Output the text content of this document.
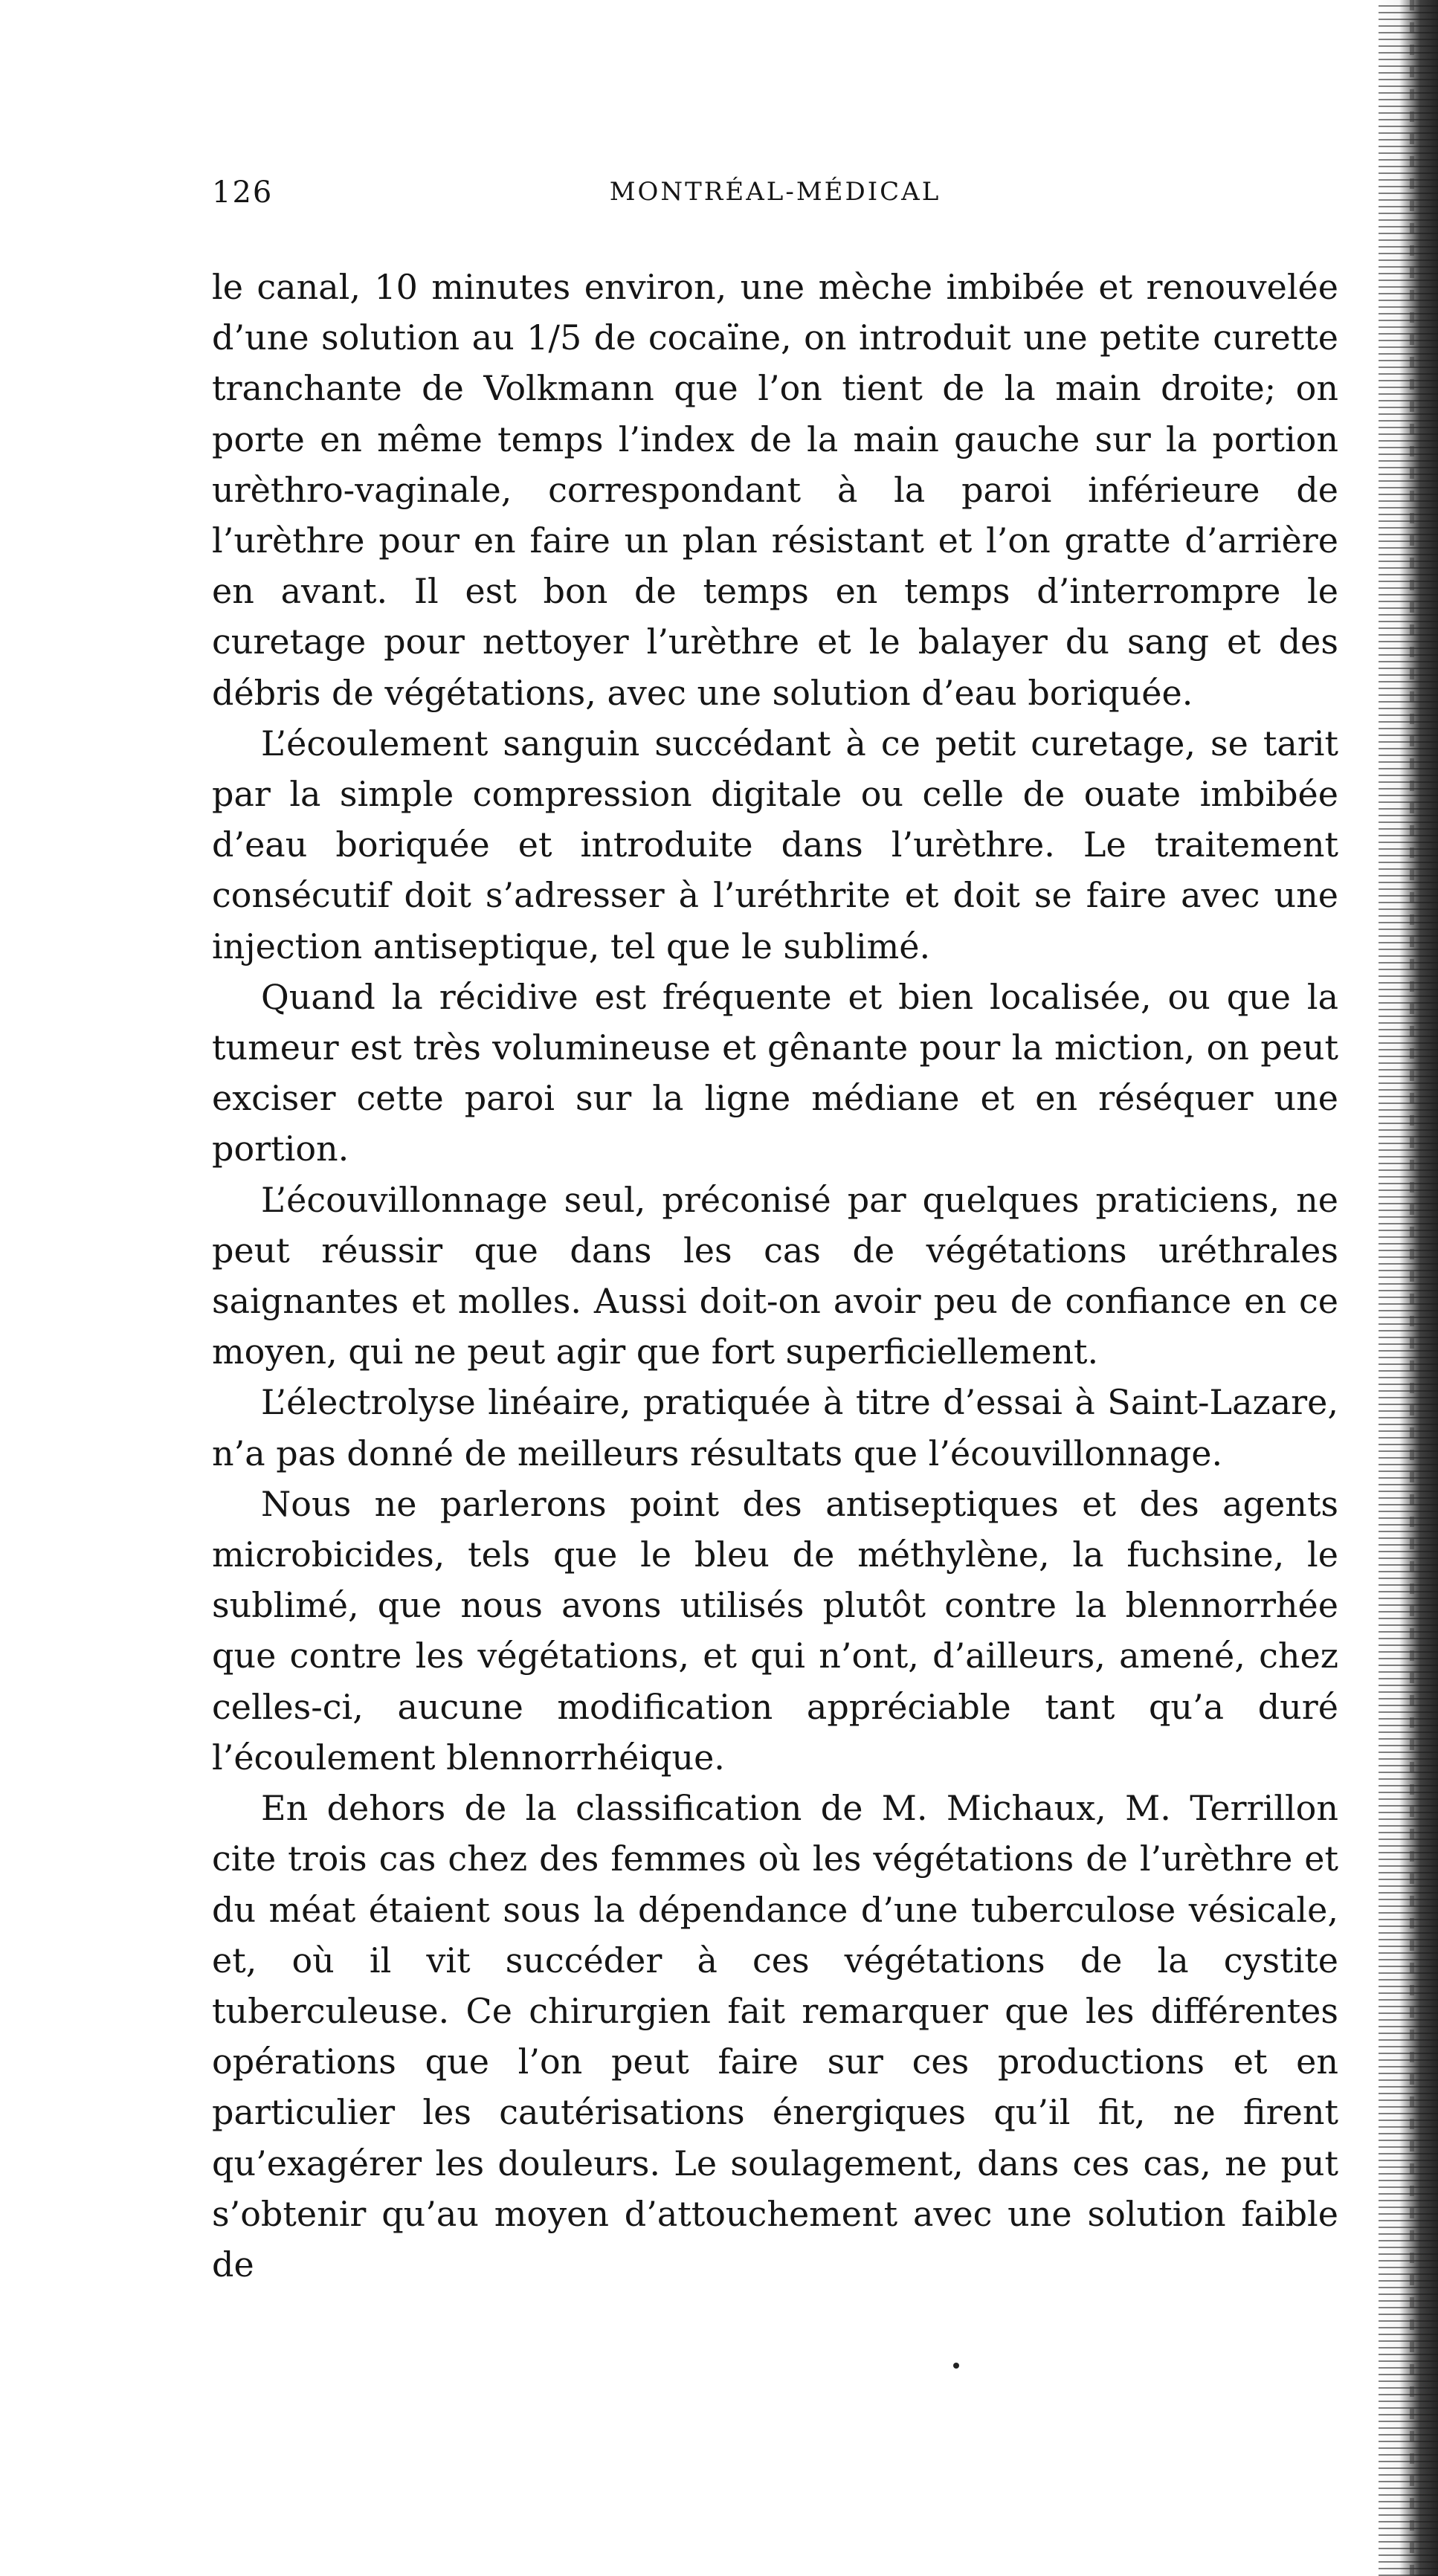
126	MONTRÉAL-MÉDICAL

le canal, 10 minutes environ, une mèche imbibée et renouvelée d’une solution au 1/5 de cocaïne, on introduit une petite curette tranchante de Volkmann que l’on tient de la main droite; on porte en même temps l’index de la main gauche sur la portion urèthro-vaginale, correspondant à la paroi inférieure de l’urèthre pour en faire un plan résistant et l’on gratte d’arrière en avant. Il est bon de temps en temps d’interrompre le curetage pour nettoyer l’urèthre et le balayer du sang et des débris de végétations, avec une solution d’eau boriquée.

L’écoulement sanguin succédant à ce petit curetage, se tarit par la simple compression digitale ou celle de ouate imbibée d’eau boriquée et introduite dans l’urèthre. Le traitement consécutif doit s’adresser à l’uréthrite et doit se faire avec une injection antiseptique, tel que le sublimé.

Quand la récidive est fréquente et bien localisée, ou que la tumeur est très volumineuse et gênante pour la miction, on peut exciser cette paroi sur la ligne médiane et en réséquer une portion.

L’écouvillonnage seul, préconisé par quelques praticiens, ne peut réussir que dans les cas de végétations uréthrales saignantes et molles. Aussi doit-on avoir peu de confiance en ce moyen, qui ne peut agir que fort superficiellement.

L’électrolyse linéaire, pratiquée à titre d’essai à Saint-Lazare, n’a pas donné de meilleurs résultats que l’écouvillonnage.

Nous ne parlerons point des antiseptiques et des agents microbicides, tels que le bleu de méthylène, la fuchsine, le sublimé, que nous avons utilisés plutôt contre la blennorrhée que contre les végétations, et qui n’ont, d’ailleurs, amené, chez celles-ci, aucune modification appréciable tant qu’a duré l’écoulement blennorrhéique.

En dehors de la classification de M. Michaux, M. Terrillon cite trois cas chez des femmes où les végétations de l’urèthre et du méat étaient sous la dépendance d’une tuberculose vésicale, et, où il vit succéder à ces végétations de la cystite tuberculeuse. Ce chirurgien fait remarquer que les différentes opérations que l’on peut faire sur ces productions et en particulier les cautérisations énergiques qu’il fit, ne firent qu’exagérer les douleurs. Le soulagement, dans ces cas, ne put s’obtenir qu’au moyen d’attouchement avec une solution faible de
